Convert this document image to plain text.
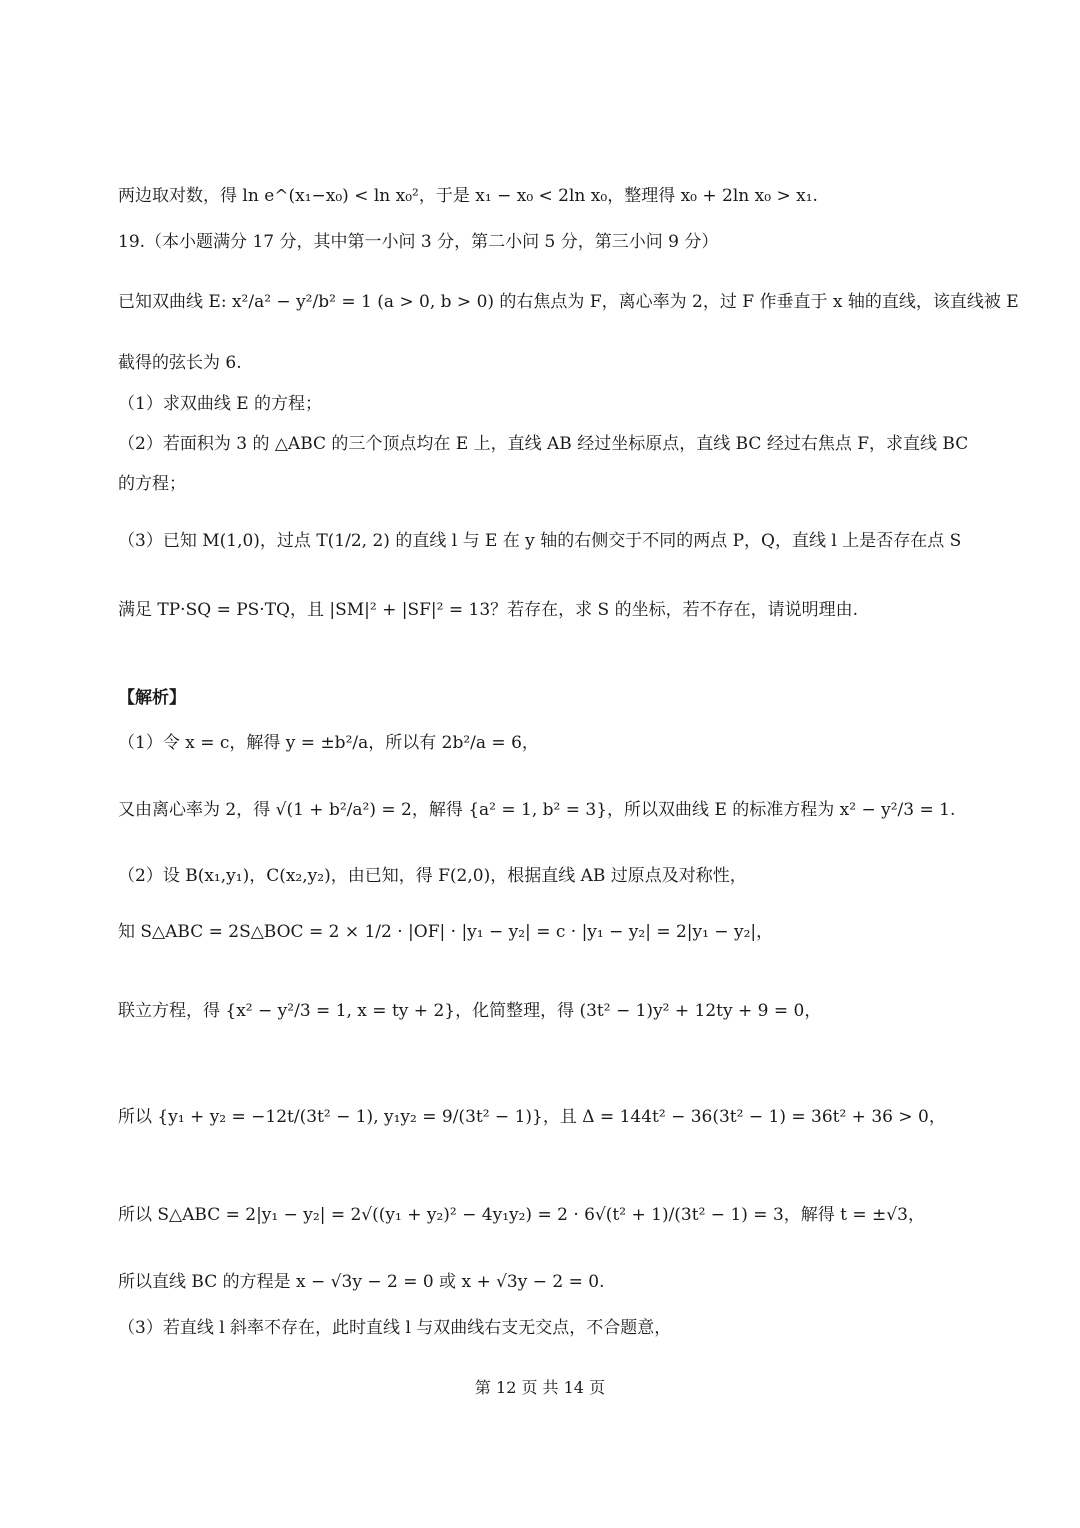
两边取对数，得 ln e^(x₁−x₀) < ln x₀²，于是 x₁ − x₀ < 2ln x₀，整理得 x₀ + 2ln x₀ > x₁.
19.（本小题满分 17 分，其中第一小问 3 分，第二小问 5 分，第三小问 9 分）
已知双曲线 E: x²/a² − y²/b² = 1 (a > 0, b > 0) 的右焦点为 F，离心率为 2，过 F 作垂直于 x 轴的直线，该直线被 E
截得的弦长为 6.
（1）求双曲线 E 的方程；
（2）若面积为 3 的 △ABC 的三个顶点均在 E 上，直线 AB 经过坐标原点，直线 BC 经过右焦点 F，求直线 BC
的方程；
（3）已知 M(1,0)，过点 T(1/2, 2) 的直线 l 与 E 在 y 轴的右侧交于不同的两点 P，Q，直线 l 上是否存在点 S
满足 TP·SQ = PS·TQ，且 |SM|² + |SF|² = 13？若存在，求 S 的坐标，若不存在，请说明理由.
【解析】
（1）令 x = c，解得 y = ±b²/a，所以有 2b²/a = 6，
又由离心率为 2，得 √(1 + b²/a²) = 2，解得 {a² = 1, b² = 3}，所以双曲线 E 的标准方程为 x² − y²/3 = 1.
（2）设 B(x₁,y₁)，C(x₂,y₂)，由已知，得 F(2,0)，根据直线 AB 过原点及对称性，
知 S△ABC = 2S△BOC = 2 × 1/2 · |OF| · |y₁ − y₂| = c · |y₁ − y₂| = 2|y₁ − y₂|，
联立方程，得 {x² − y²/3 = 1, x = ty + 2}，化简整理，得 (3t² − 1)y² + 12ty + 9 = 0，
所以 {y₁ + y₂ = −12t/(3t² − 1), y₁y₂ = 9/(3t² − 1)}，且 Δ = 144t² − 36(3t² − 1) = 36t² + 36 > 0，
所以 S△ABC = 2|y₁ − y₂| = 2√((y₁ + y₂)² − 4y₁y₂) = 2 · 6√(t² + 1)/(3t² − 1) = 3，解得 t = ±√3，
所以直线 BC 的方程是 x − √3y − 2 = 0 或 x + √3y − 2 = 0.
（3）若直线 l 斜率不存在，此时直线 l 与双曲线右支无交点，不合题意，
第 12 页 共 14 页
